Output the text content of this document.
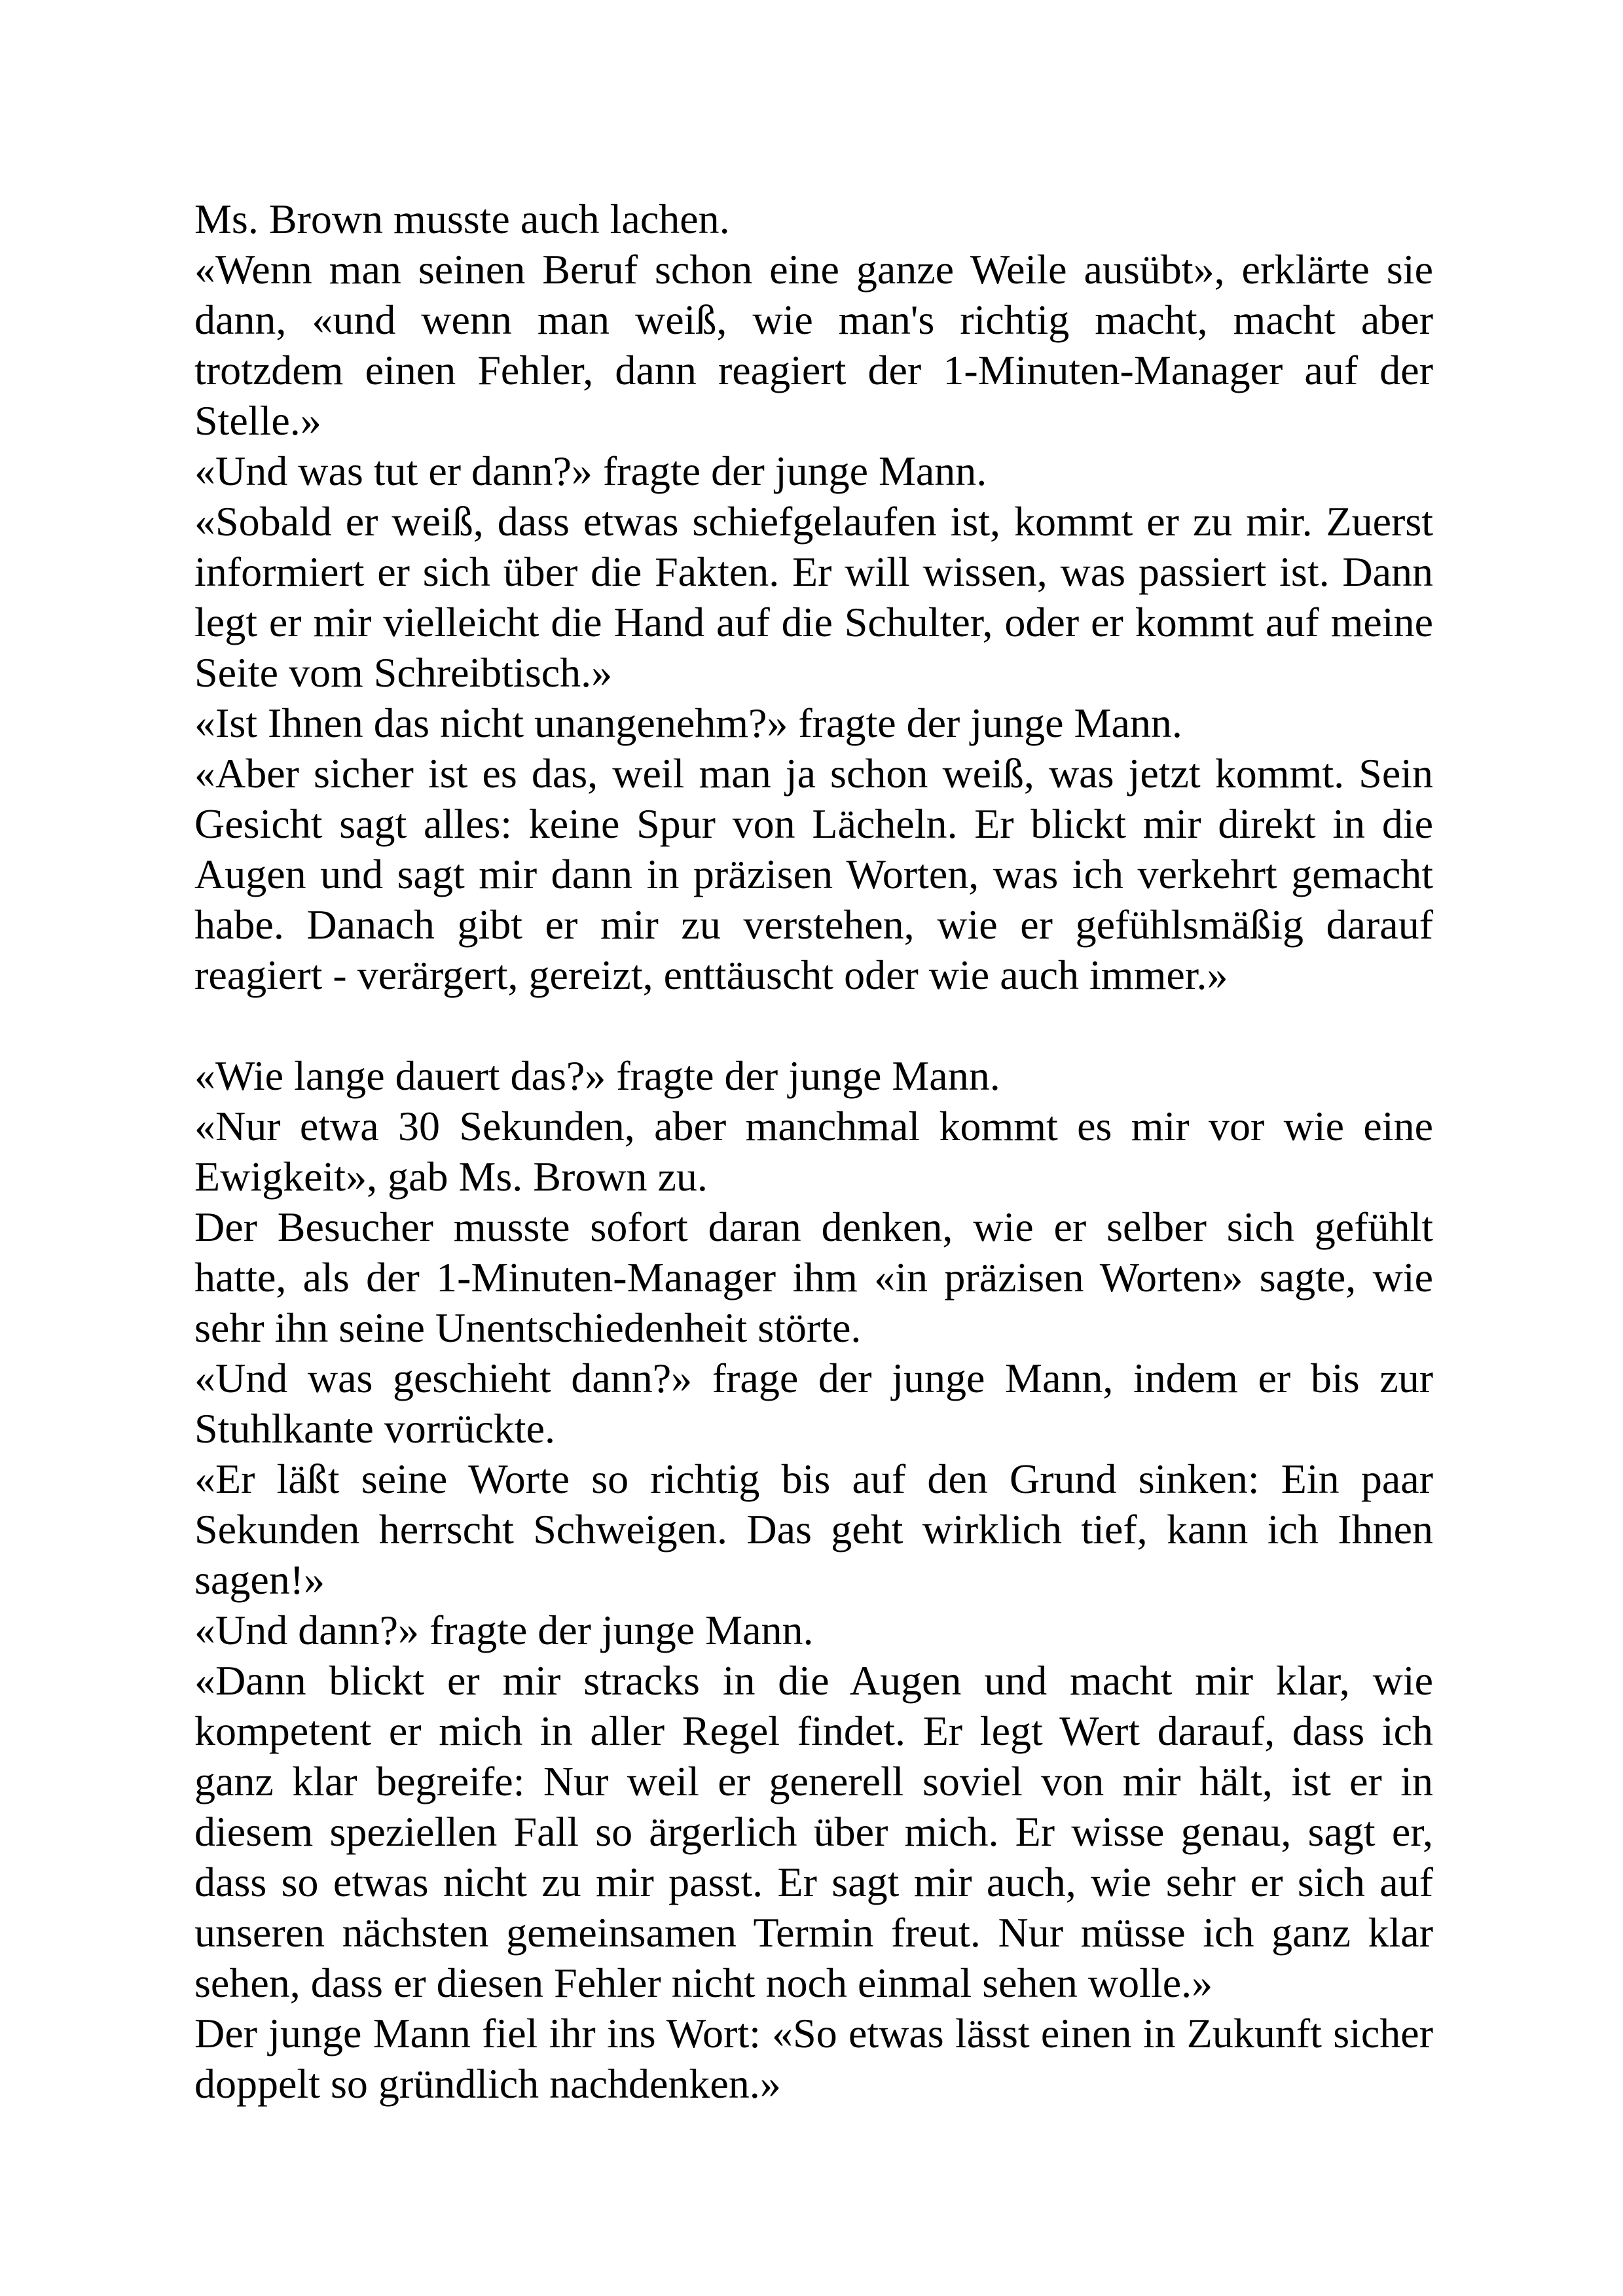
Ms. Brown musste auch lachen.

«Wenn man seinen Beruf schon eine ganze Weile ausübt», erklärte sie dann, «und wenn man weiß, wie man's richtig macht, macht aber trotzdem einen Fehler, dann reagiert der 1-Minuten-Manager auf der Stelle.»

«Und was tut er dann?» fragte der junge Mann.

«Sobald er weiß, dass etwas schiefgelaufen ist, kommt er zu mir. Zuerst informiert er sich über die Fakten. Er will wissen, was passiert ist. Dann legt er mir vielleicht die Hand auf die Schulter, oder er kommt auf meine Seite vom Schreibtisch.»

«Ist Ihnen das nicht unangenehm?» fragte der junge Mann.

«Aber sicher ist es das, weil man ja schon weiß, was jetzt kommt. Sein Gesicht sagt alles: keine Spur von Lächeln. Er blickt mir direkt in die Augen und sagt mir dann in präzisen Worten, was ich verkehrt gemacht habe. Danach gibt er mir zu verstehen, wie er gefühlsmäßig darauf reagiert - verärgert, gereizt, enttäuscht oder wie auch immer.»

«Wie lange dauert das?» fragte der junge Mann.

«Nur etwa 30 Sekunden, aber manchmal kommt es mir vor wie eine Ewigkeit», gab Ms. Brown zu.

Der Besucher musste sofort daran denken, wie er selber sich gefühlt hatte, als der 1-Minuten-Manager ihm «in präzisen Worten» sagte, wie sehr ihn seine Unentschiedenheit störte.

«Und was geschieht dann?» frage der junge Mann, indem er bis zur Stuhlkante vorrückte.

«Er läßt seine Worte so richtig bis auf den Grund sinken: Ein paar Sekunden herrscht Schweigen. Das geht wirklich tief, kann ich Ihnen sagen!»

«Und dann?» fragte der junge Mann.

«Dann blickt er mir stracks in die Augen und macht mir klar, wie kompetent er mich in aller Regel findet. Er legt Wert darauf, dass ich ganz klar begreife: Nur weil er generell soviel von mir hält, ist er in diesem speziellen Fall so ärgerlich über mich. Er wisse genau, sagt er, dass so etwas nicht zu mir passt. Er sagt mir auch, wie sehr er sich auf unseren nächsten gemeinsamen Termin freut. Nur müsse ich ganz klar sehen, dass er diesen Fehler nicht noch einmal sehen wolle.»

Der junge Mann fiel ihr ins Wort: «So etwas lässt einen in Zukunft sicher doppelt so gründlich nachdenken.»
